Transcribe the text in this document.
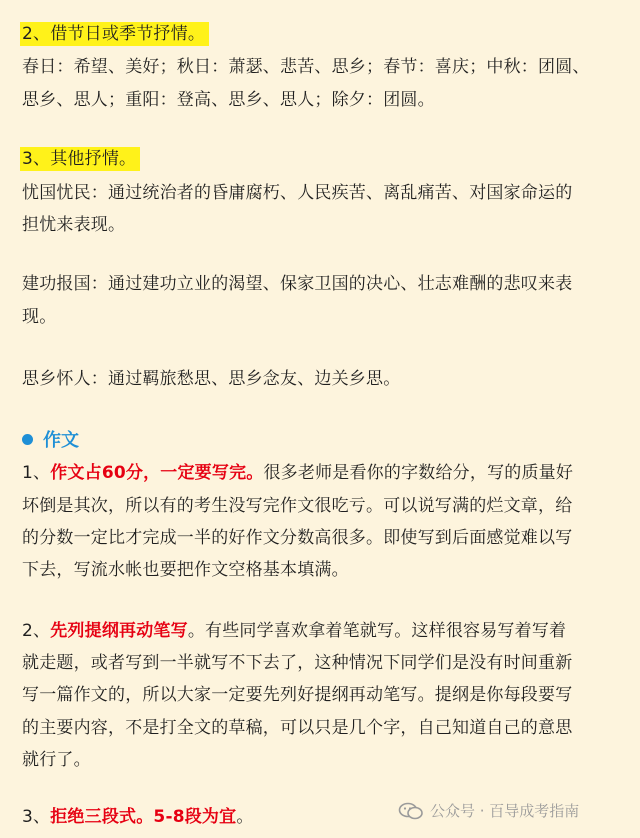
2、借节日或季节抒情。
春日：希望、美好；秋日：萧瑟、悲苦、思乡；春节：喜庆；中秋：团圆、
思乡、思人；重阳：登高、思乡、思人；除夕：团圆。
3、其他抒情。
忧国忧民：通过统治者的昏庸腐朽、人民疾苦、离乱痛苦、对国家命运的
担忧来表现。
建功报国：通过建功立业的渴望、保家卫国的决心、壮志难酬的悲叹来表
现。
思乡怀人：通过羁旅愁思、思乡念友、边关乡思。
作文
1、作文占60分，一定要写完。很多老师是看你的字数给分，写的质量好
坏倒是其次，所以有的考生没写完作文很吃亏。可以说写满的烂文章，给
的分数一定比才完成一半的好作文分数高很多。即使写到后面感觉难以写
下去，写流水帐也要把作文空格基本填满。
2、先列提纲再动笔写。有些同学喜欢拿着笔就写。这样很容易写着写着
就走题，或者写到一半就写不下去了，这种情况下同学们是没有时间重新
写一篇作文的，所以大家一定要先列好提纲再动笔写。提纲是你每段要写
的主要内容，不是打全文的草稿，可以只是几个字，自己知道自己的意思
就行了。
3、拒绝三段式。5-8段为宜。	公众号 · 百导成考指南
